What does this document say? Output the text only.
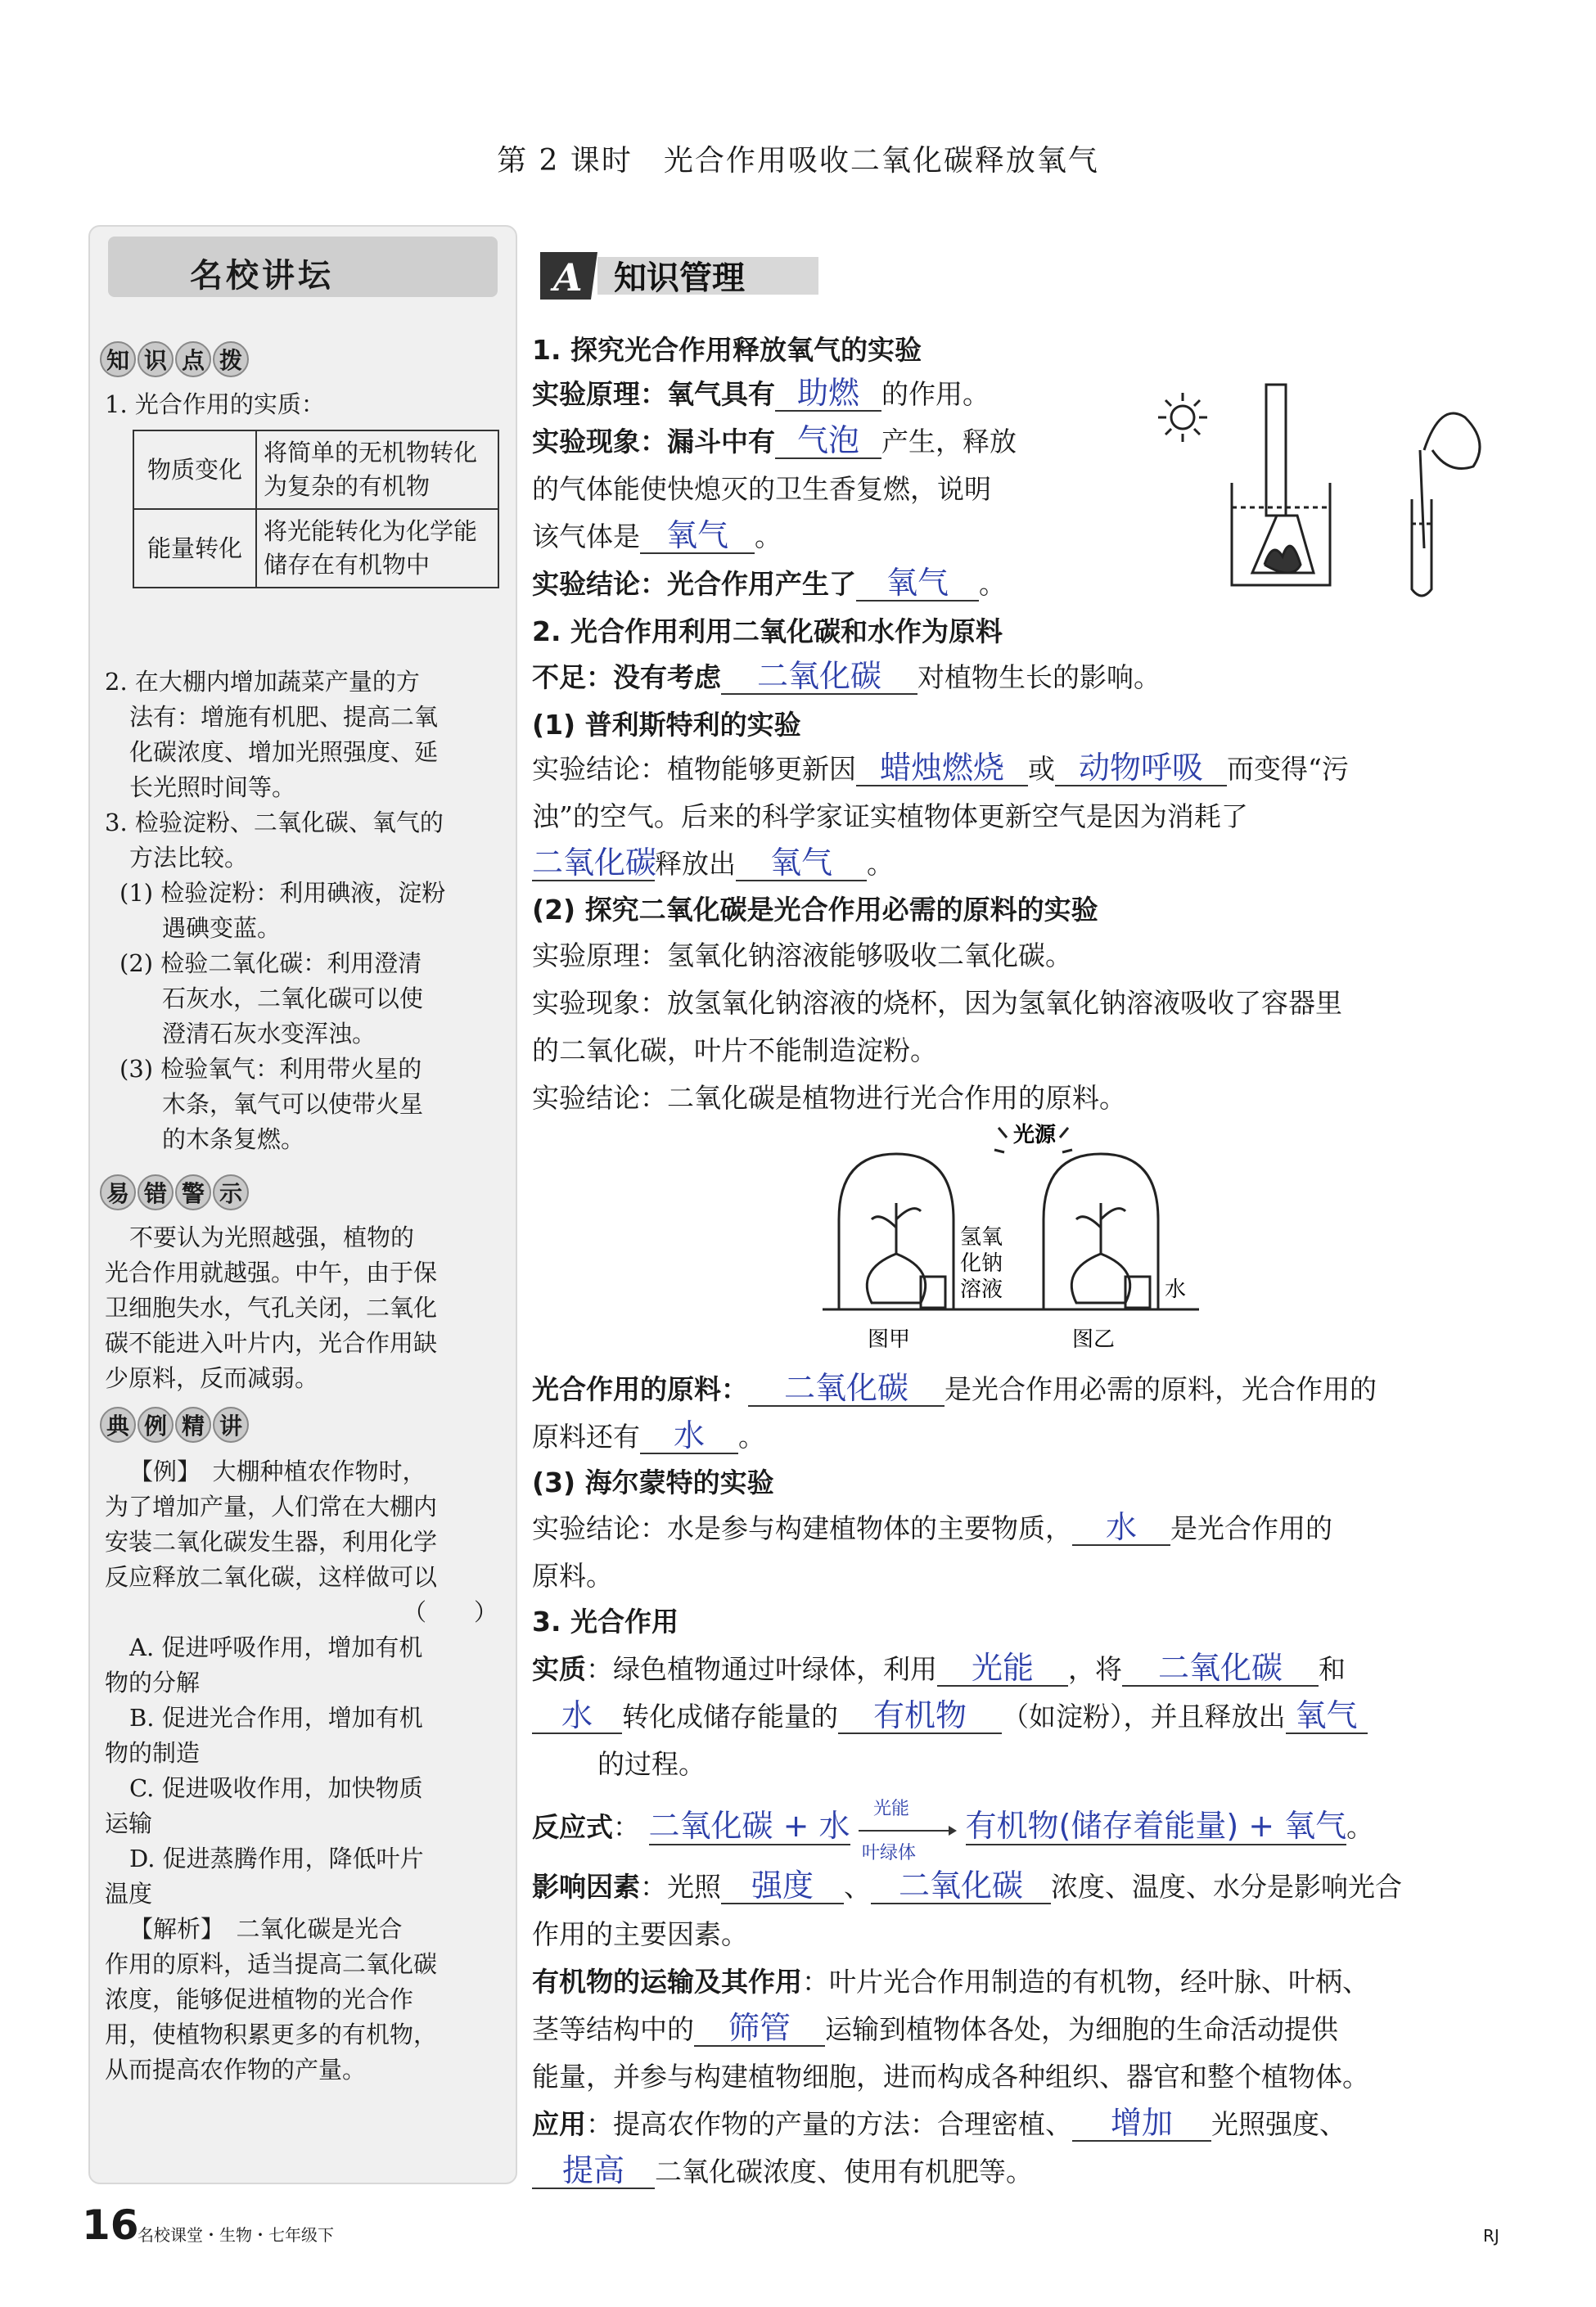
第 2 课时　光合作用吸收二氧化碳释放氧气
名校讲坛
知 识 点 拨

1. 光合作用的实质：

物质变化	将简单的无机物转化为复杂的有机物
能量转化	将光能转化为化学能储存在有机物中

2. 在大棚内增加蔬菜产量的方

法有：增施有机肥、提高二氧

化碳浓度、增加光照强度、延

长光照时间等。

3. 检验淀粉、二氧化碳、氧气的

方法比较。

(1) 检验淀粉：利用碘液，淀粉

遇碘变蓝。

(2) 检验二氧化碳：利用澄清

石灰水，二氧化碳可以使

澄清石灰水变浑浊。

(3) 检验氧气：利用带火星的

木条，氧气可以使带火星

的木条复燃。

易 错 警 示

不要认为光照越强，植物的

光合作用就越强。中午，由于保

卫细胞失水，气孔关闭，二氧化

碳不能进入叶片内，光合作用缺

少原料，反而减弱。

典 例 精 讲

【例】　大棚种植农作物时，

为了增加产量，人们常在大棚内

安装二氧化碳发生器，利用化学

反应释放二氧化碳，这样做可以

（　　）

A. 促进呼吸作用，增加有机

物的分解

B. 促进光合作用，增加有机

物的制造

C. 促进吸收作用，加快物质

运输

D. 促进蒸腾作用，降低叶片

温度

【解析】　二氧化碳是光合

作用的原料，适当提高二氧化碳

浓度，能够促进植物的光合作

用，使植物积累更多的有机物，

从而提高农作物的产量。

A 知识管理
1. 探究光合作用释放氧气的实验
实验原理：氧气具有 助燃 的作用。
实验现象：漏斗中有 气泡 产生，释放
的气体能使快熄灭的卫生香复燃，说明
该气体是 氧气 。
实验结论：光合作用产生了 氧气 。
2. 光合作用利用二氧化碳和水作为原料
不足：没有考虑 二氧化碳 对植物生长的影响。
(1) 普利斯特利的实验
实验结论：植物能够更新因 蜡烛燃烧 或 动物呼吸 而变得“污
浊”的空气。后来的科学家证实植物体更新空气是因为消耗了
二氧化碳释放出 氧气 。
(2) 探究二氧化碳是光合作用必需的原料的实验
实验原理：氢氧化钠溶液能够吸收二氧化碳。
实验现象：放氢氧化钠溶液的烧杯，因为氢氧化钠溶液吸收了容器里
的二氧化碳，叶片不能制造淀粉。
实验结论：二氧化碳是植物进行光合作用的原料。
光源
氢氧
化钠
溶液	水
图甲	图乙
光合作用的原料： 二氧化碳 是光合作用必需的原料，光合作用的
原料还有 水 。
(3) 海尔蒙特的实验
实验结论：水是参与构建植物体的主要物质， 水 是光合作用的
原料。
3. 光合作用
实质：绿色植物通过叶绿体，利用 光能 ，将 二氧化碳 和
水 转化成储存能量的 有机物 （如淀粉），并且释放出 氧气
的过程。
反应式： 二氧化碳 + 水 光能
叶绿体
有机物(储存着能量) + 氧气。
影响因素：光照 强度 、 二氧化碳 浓度、温度、水分是影响光合
作用的主要因素。
有机物的运输及其作用：叶片光合作用制造的有机物，经叶脉、叶柄、
茎等结构中的 筛管 运输到植物体各处，为细胞的生命活动提供
能量，并参与构建植物细胞，进而构成各种组织、器官和整个植物体。
应用：提高农作物的产量的方法：合理密植、 增加 光照强度、
提高 二氧化碳浓度、使用有机肥等。
16
名校课堂・生物・七年级下	RJ
